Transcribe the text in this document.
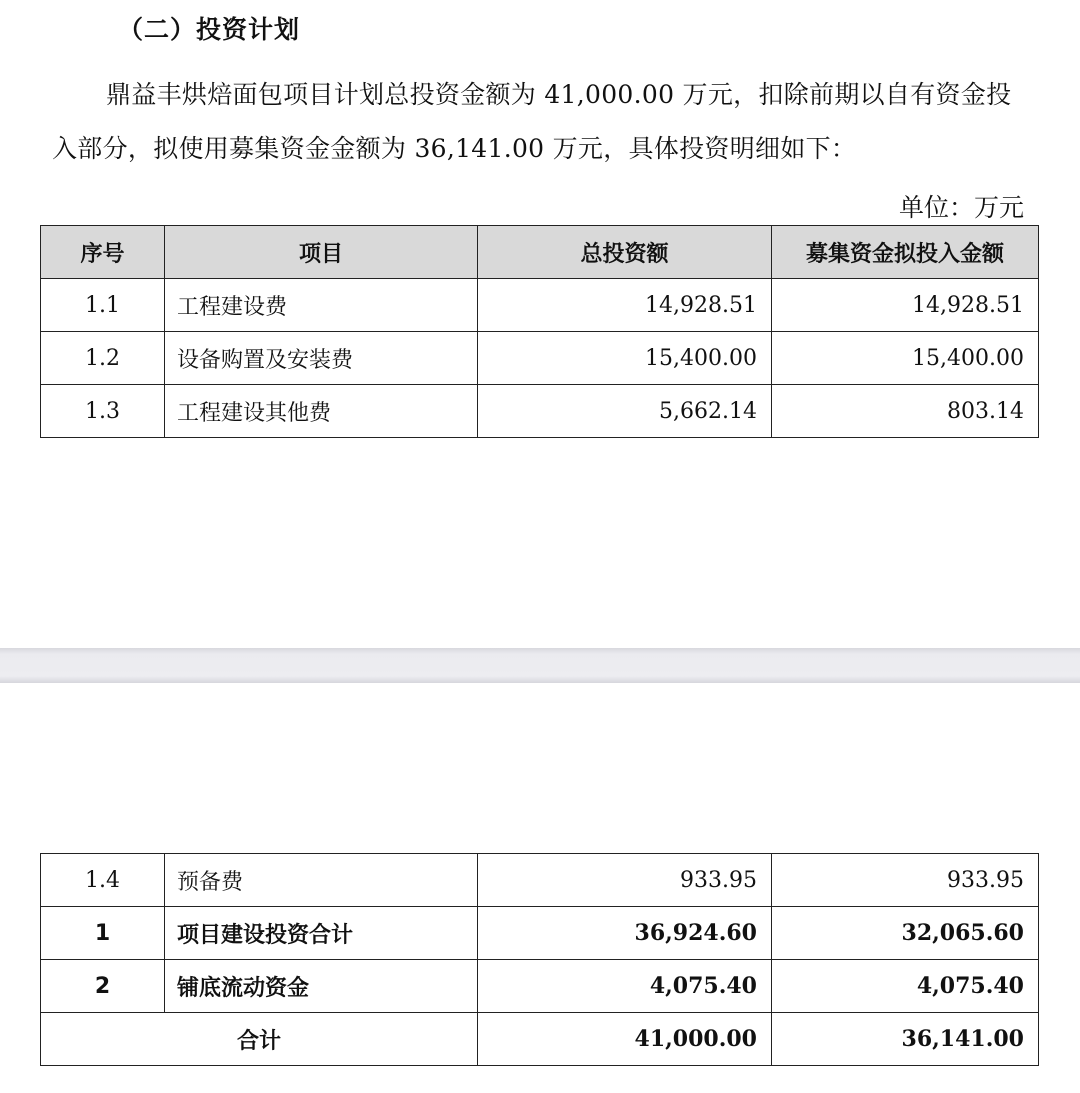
（二）投资计划
鼎益丰烘焙面包项目计划总投资金额为 41,000.00 万元，扣除前期以自有资金投入部分，拟使用募集资金金额为 36,141.00 万元，具体投资明细如下：
单位：万元
序号	项目	总投资额	募集资金拟投入金额
1.1	工程建设费	14,928.51	14,928.51
1.2	设备购置及安装费	15,400.00	15,400.00
1.3	工程建设其他费	5,662.14	803.14
1.4	预备费	933.95	933.95
1	项目建设投资合计	36,924.60	32,065.60
2	铺底流动资金	4,075.40	4,075.40
合计		41,000.00	36,141.00
